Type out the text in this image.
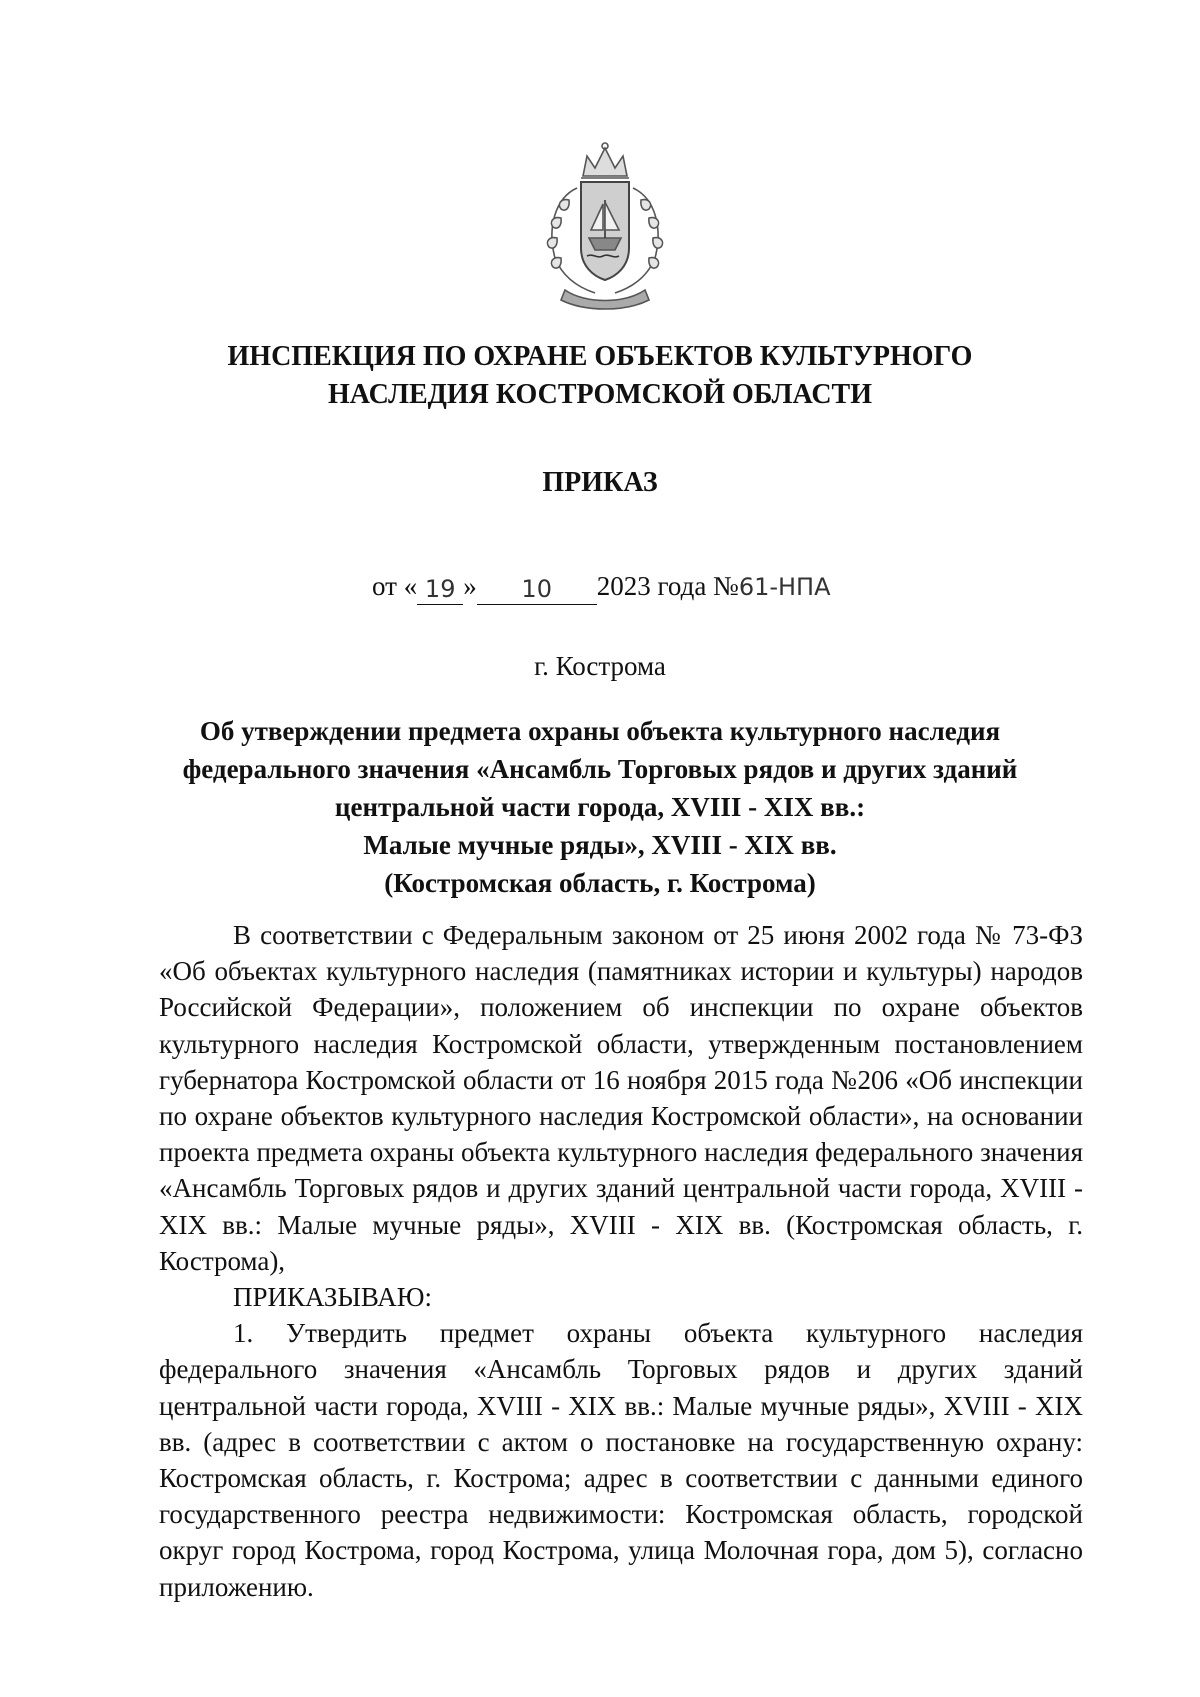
ИНСПЕКЦИЯ ПО ОХРАНЕ ОБЪЕКТОВ КУЛЬТУРНОГО
НАСЛЕДИЯ КОСТРОМСКОЙ ОБЛАСТИ
ПРИКАЗ
от « 19 » 10 2023 года №61-НПА
г. Кострома
Об утверждении предмета охраны объекта культурного наследия
федерального значения «Ансамбль Торговых рядов и других зданий
центральной части города, XVIII - XIX вв.:
Малые мучные ряды», XVIII - XIX вв.
(Костромская область, г. Кострома)

В соответствии с Федеральным законом от 25 июня 2002 года № 73-ФЗ «Об объектах культурного наследия (памятниках истории и культуры) народов Российской Федерации», положением об инспекции по охране объектов культурного наследия Костромской области, утвержденным постановлением губернатора Костромской области от 16 ноября 2015 года №206 «Об инспекции по охране объектов культурного наследия Костромской области», на основании проекта предмета охраны объекта культурного наследия федерального значения «Ансамбль Торговых рядов и других зданий центральной части города, XVIII - XIX вв.: Малые мучные ряды», XVIII - XIX вв. (Костромская область, г. Кострома),

ПРИКАЗЫВАЮ:

1. Утвердить предмет охраны объекта культурного наследия федерального значения «Ансамбль Торговых рядов и других зданий центральной части города, XVIII - XIX вв.: Малые мучные ряды», XVIII - XIX вв. (адрес в соответствии с актом о постановке на государственную охрану: Костромская область, г. Кострома; адрес в соответствии с данными единого государственного реестра недвижимости: Костромская область, городской округ город Кострома, город Кострома, улица Молочная гора, дом 5), согласно приложению.
